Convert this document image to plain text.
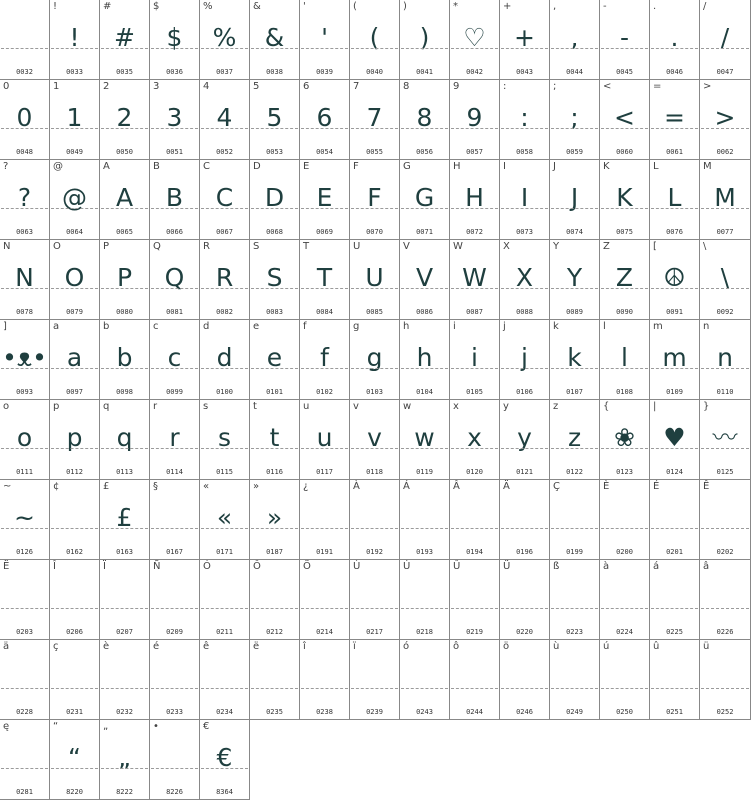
0032
!
!
0033
#
#
0035
$
$
0036
%
%
0037
&
&
0038
'
'
0039
(
(
0040
)
)
0041
*
♡
0042
+
+
0043
,
,
0044
-
-
0045
.
.
0046
/
/
0047
0
0
0048
1
1
0049
2
2
0050
3
3
0051
4
4
0052
5
5
0053
6
6
0054
7
7
0055
8
8
0056
9
9
0057
:
:
0058
;
;
0059
<
<
0060
=
=
0061
>
>
0062
?
?
0063
@
@
0064
A
A
0065
B
B
0066
C
C
0067
D
D
0068
E
E
0069
F
F
0070
G
G
0071
H
H
0072
I
I
0073
J
J
0074
K
K
0075
L
L
0076
M
M
0077
N
N
0078
O
O
0079
P
P
0080
Q
Q
0081
R
R
0082
S
S
0083
T
T
0084
U
U
0085
V
V
0086
W
W
0087
X
X
0088
Y
Y
0089
Z
Z
0090
[
☮
0091
\
\
0092
]
•ᴥ•
0093
a
a
0097
b
b
0098
c
c
0099
d
d
0100
e
e
0101
f
f
0102
g
g
0103
h
h
0104
i
i
0105
j
j
0106
k
k
0107
l
l
0108
m
m
0109
n
n
0110
o
o
0111
p
p
0112
q
q
0113
r
r
0114
s
s
0115
t
t
0116
u
u
0117
v
v
0118
w
w
0119
x
x
0120
y
y
0121
z
z
0122
{
❀
0123
|
♥
0124
}
〰
0125
~
~
0126
¢
0162
£
£
0163
§
0167
«
«
0171
»
»
0187
¿
0191
À
0192
Á
0193
Â
0194
Ä
0196
Ç
0199
È
0200
É
0201
Ê
0202
Ë
0203
Î
0206
Ï
0207
Ñ
0209
Ó
0211
Ô
0212
Ö
0214
Ù
0217
Ú
0218
Û
0219
Ü
0220
ß
0223
à
0224
á
0225
â
0226
ä
0228
ç
0231
è
0232
é
0233
ê
0234
ë
0235
î
0238
ï
0239
ó
0243
ô
0244
ö
0246
ù
0249
ú
0250
û
0251
ü
0252
ę
0281
“
“
8220
„
„
8222
•
8226
€
€
8364
